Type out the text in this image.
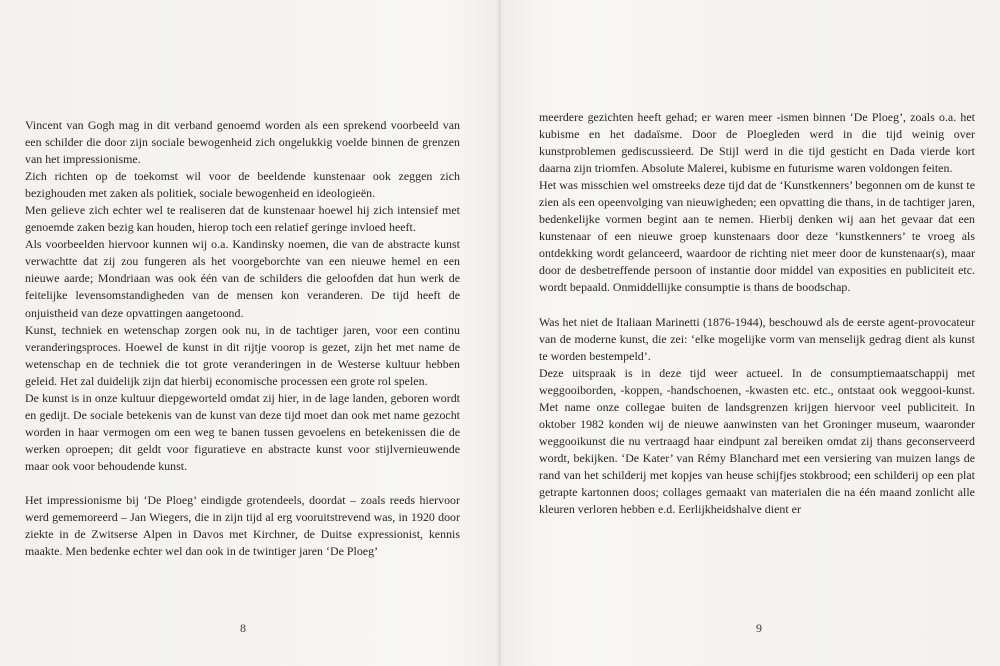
Vincent van Gogh mag in dit verband genoemd worden als een sprekend voorbeeld van een schilder die door zijn sociale bewogenheid zich ongelukkig voelde binnen de grenzen van het impressionisme.

Zich richten op de toekomst wil voor de beeldende kunstenaar ook zeggen zich bezighouden met zaken als politiek, sociale bewogenheid en ideologieën.

Men gelieve zich echter wel te realiseren dat de kunstenaar hoewel hij zich intensief met genoemde zaken bezig kan houden, hierop toch een relatief geringe invloed heeft.

Als voorbeelden hiervoor kunnen wij o.a. Kandinsky noemen, die van de abstracte kunst verwachtte dat zij zou fungeren als het voorgeborchte van een nieuwe hemel en een nieuwe aarde; Mondriaan was ook één van de schilders die geloofden dat hun werk de feitelijke levensomstandigheden van de mensen kon veranderen. De tijd heeft de onjuistheid van deze opvattingen aangetoond.

Kunst, techniek en wetenschap zorgen ook nu, in de tachtiger jaren, voor een continu veranderingsproces. Hoewel de kunst in dit rijtje voorop is gezet, zijn het met name de wetenschap en de techniek die tot grote veranderingen in de Westerse kultuur hebben geleid. Het zal duidelijk zijn dat hierbij economische processen een grote rol spelen.

De kunst is in onze kultuur diepgeworteld omdat zij hier, in de lage landen, geboren wordt en gedijt. De sociale betekenis van de kunst van deze tijd moet dan ook met name gezocht worden in haar vermogen om een weg te banen tussen gevoelens en betekenissen die de werken oproepen; dit geldt voor figuratieve en abstracte kunst voor stijlvernieuwende maar ook voor behoudende kunst.

Het impressionisme bij ‘De Ploeg’ eindigde grotendeels, doordat – zoals reeds hiervoor werd gememoreerd – Jan Wiegers, die in zijn tijd al erg vooruitstrevend was, in 1920 door ziekte in de Zwitserse Alpen in Davos met Kirchner, de Duitse expressionist, kennis maakte. Men bedenke echter wel dan ook in de twintiger jaren ‘De Ploeg’

8

meerdere gezichten heeft gehad; er waren meer -ismen binnen ‘De Ploeg’, zoals o.a. het kubisme en het dadaïsme. Door de Ploegleden werd in die tijd weinig over kunstproblemen gediscussieerd. De Stijl werd in die tijd gesticht en Dada vierde kort daarna zijn triomfen. Absolute Malerei, kubisme en futurisme waren voldongen feiten.

Het was misschien wel omstreeks deze tijd dat de ‘Kunstkenners’ begonnen om de kunst te zien als een opeenvolging van nieuwigheden; een opvatting die thans, in de tachtiger jaren, bedenkelijke vormen begint aan te nemen. Hierbij denken wij aan het gevaar dat een kunstenaar of een nieuwe groep kunstenaars door deze ‘kunstkenners’ te vroeg als ontdekking wordt gelanceerd, waardoor de richting niet meer door de kunstenaar(s), maar door de desbetreffende persoon of instantie door middel van exposities en publiciteit etc. wordt bepaald. Onmiddellijke consumptie is thans de boodschap.

Was het niet de Italiaan Marinetti (1876-1944), beschouwd als de eerste agent-provocateur van de moderne kunst, die zei: ‘elke mogelijke vorm van menselijk gedrag dient als kunst te worden bestempeld’.

Deze uitspraak is in deze tijd weer actueel. In de consumptiemaatschappij met weggooiborden, -koppen, -handschoenen, -kwasten etc. etc., ontstaat ook weggooi-kunst. Met name onze collegae buiten de landsgrenzen krijgen hiervoor veel publiciteit. In oktober 1982 konden wij de nieuwe aanwinsten van het Groninger museum, waaronder weggooikunst die nu vertraagd haar eindpunt zal bereiken omdat zij thans geconserveerd wordt, bekijken. ‘De Kater’ van Rémy Blanchard met een versiering van muizen langs de rand van het schilderij met kopjes van heuse schijfjes stokbrood; een schilderij op een plat getrapte kartonnen doos; collages gemaakt van materialen die na één maand zonlicht alle kleuren verloren hebben e.d. Eerlijkheidshalve dient er

9
